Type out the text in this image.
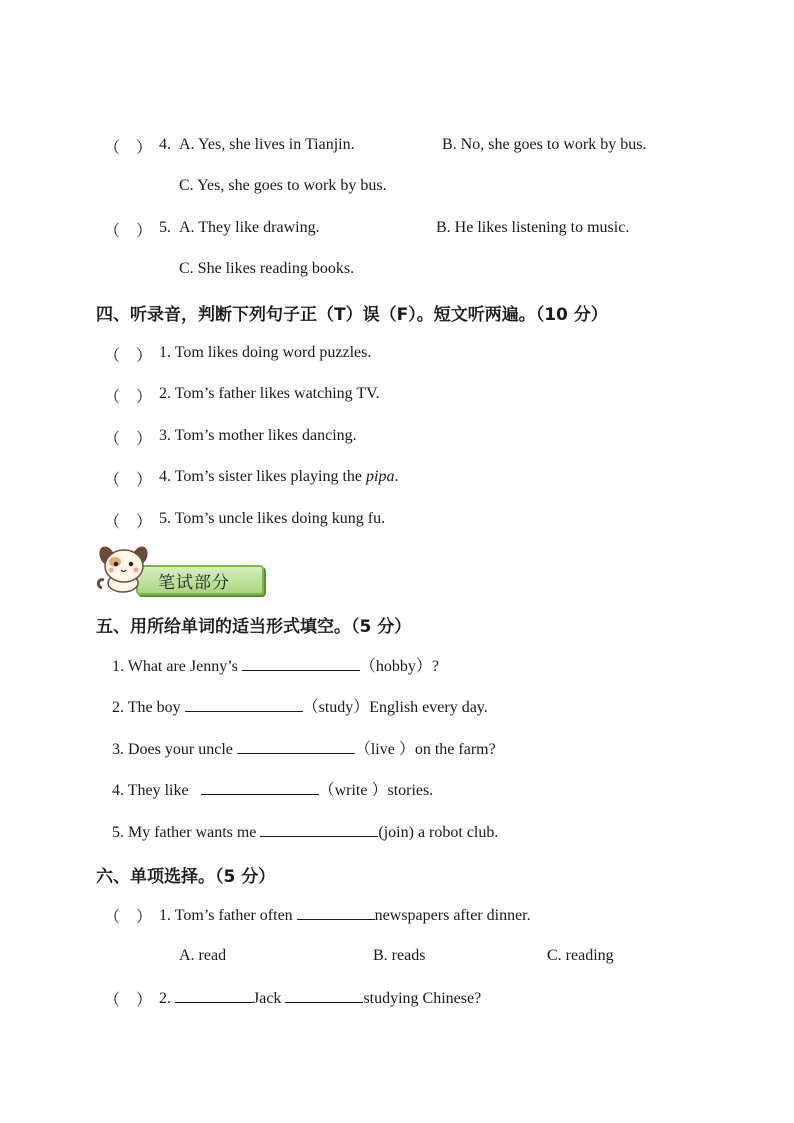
（　） 4. A. Yes, she lives in Tianjin.	B. No, she goes to work by bus.
C. Yes, she goes to work by bus.
（　） 5. A. They like drawing.	B. He likes listening to music.
C. She likes reading books.
四、听录音，判断下列句子正（T）误（F）。短文听两遍。（10 分）
（　） 1. Tom likes doing word puzzles.
（　） 2. Tom’s father likes watching TV.
（　） 3. Tom’s mother likes dancing.
（　） 4. Tom’s sister likes playing the pipa.
（　） 5. Tom’s uncle likes doing kung fu.
笔试部分
五、用所给单词的适当形式填空。（5 分）
1. What are Jenny’s	（hobby）?
2. The boy	（study）English every day.
3. Does your uncle	（live ）on the farm?
4. They like	（write ）stories.
5. My father wants me	(join) a robot club.
六、单项选择。（5 分）
（　） 1. Tom’s father often	newspapers after dinner.
A. read	B. reads	C. reading
（　） 2.	Jack	studying Chinese?
